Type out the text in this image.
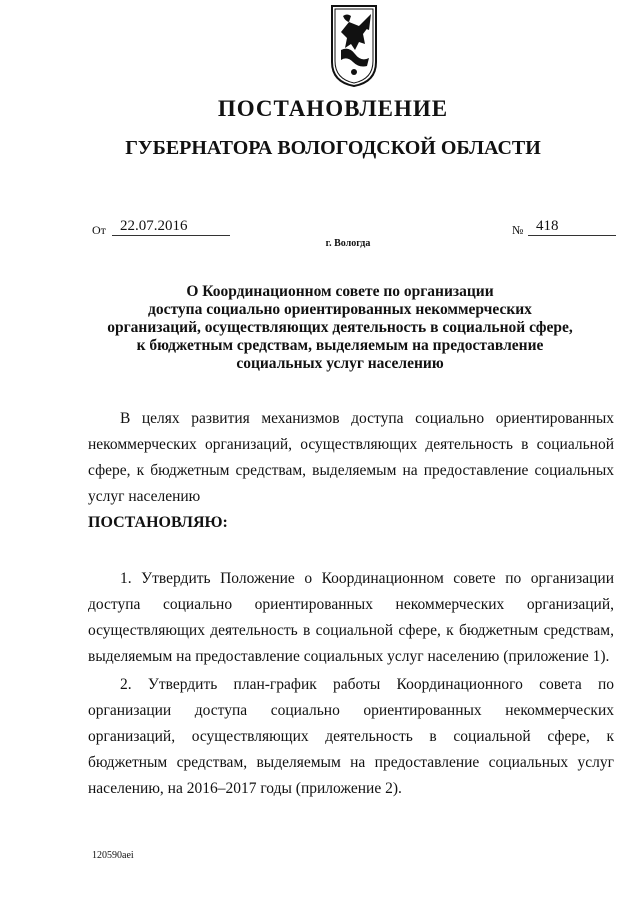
ПОСТАНОВЛЕНИЕ
ГУБЕРНАТОРА ВОЛОГОДСКОЙ ОБЛАСТИ
От 22.07.2016	№ 418
г. Вологда
О Координационном совете по организации
доступа социально ориентированных некоммерческих
организаций, осуществляющих деятельность в социальной сфере,
к бюджетным средствам, выделяемым на предоставление
социальных услуг населению

В целях развития механизмов доступа социально ориентированных некоммерческих организаций, осуществляющих деятельность в социальной сфере, к бюджетным средствам, выделяемым на предоставление социальных услуг населению

ПОСТАНОВЛЯЮ:

1. Утвердить Положение о Координационном совете по организации доступа социально ориентированных некоммерческих организаций, осуществляющих деятельность в социальной сфере, к бюджетным средствам, выделяемым на предоставление социальных услуг населению (приложение 1).

2. Утвердить план-график работы Координационного совета по организации доступа социально ориентированных некоммерческих организаций, осуществляющих деятельность в социальной сфере, к бюджетным средствам, выделяемым на предоставление социальных услуг населению, на 2016–2017 годы (приложение 2).

120590aei
